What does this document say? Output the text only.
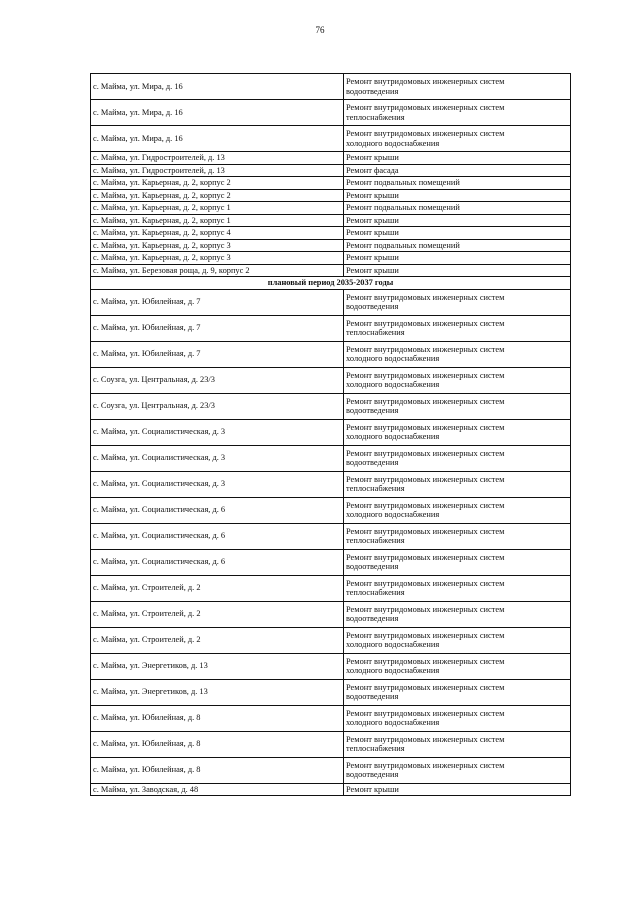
76
с. Майма, ул. Мира, д. 16	Ремонт внутридомовых инженерных систем
водоотведения

с. Майма, ул. Мира, д. 16	Ремонт внутридомовых инженерных систем
теплоснабжения

с. Майма, ул. Мира, д. 16	Ремонт внутридомовых инженерных систем
холодного водоснабжения

с. Майма, ул. Гидростроителей, д. 13	Ремонт крыши

с. Майма, ул. Гидростроителей, д. 13	Ремонт фасада

с. Майма, ул. Карьерная, д. 2, корпус 2	Ремонт подвальных помещений

с. Майма, ул. Карьерная, д. 2, корпус 2	Ремонт крыши

с. Майма, ул. Карьерная, д. 2, корпус 1	Ремонт подвальных помещений

с. Майма, ул. Карьерная, д. 2, корпус 1	Ремонт крыши

с. Майма, ул. Карьерная, д. 2, корпус 4	Ремонт крыши

с. Майма, ул. Карьерная, д. 2, корпус 3	Ремонт подвальных помещений

с. Майма, ул. Карьерная, д. 2, корпус 3	Ремонт крыши

с. Майма, ул. Березовая роща, д. 9, корпус 2	Ремонт крыши

плановый период 2035-2037 годы	
с. Майма, ул. Юбилейная, д. 7	Ремонт внутридомовых инженерных систем
водоотведения

с. Майма, ул. Юбилейная, д. 7	Ремонт внутридомовых инженерных систем
теплоснабжения

с. Майма, ул. Юбилейная, д. 7	Ремонт внутридомовых инженерных систем
холодного водоснабжения

с. Соузга, ул. Центральная, д. 23/3	Ремонт внутридомовых инженерных систем
холодного водоснабжения

с. Соузга, ул. Центральная, д. 23/3	Ремонт внутридомовых инженерных систем
водоотведения

с. Майма, ул. Социалистическая, д. 3	Ремонт внутридомовых инженерных систем
холодного водоснабжения

с. Майма, ул. Социалистическая, д. 3	Ремонт внутридомовых инженерных систем
водоотведения

с. Майма, ул. Социалистическая, д. 3	Ремонт внутридомовых инженерных систем
теплоснабжения

с. Майма, ул. Социалистическая, д. 6	Ремонт внутридомовых инженерных систем
холодного водоснабжения

с. Майма, ул. Социалистическая, д. 6	Ремонт внутридомовых инженерных систем
теплоснабжения

с. Майма, ул. Социалистическая, д. 6	Ремонт внутридомовых инженерных систем
водоотведения

с. Майма, ул. Строителей, д. 2	Ремонт внутридомовых инженерных систем
теплоснабжения

с. Майма, ул. Строителей, д. 2	Ремонт внутридомовых инженерных систем
водоотведения

с. Майма, ул. Строителей, д. 2	Ремонт внутридомовых инженерных систем
холодного водоснабжения

с. Майма, ул. Энергетиков, д. 13	Ремонт внутридомовых инженерных систем
холодного водоснабжения

с. Майма, ул. Энергетиков, д. 13	Ремонт внутридомовых инженерных систем
водоотведения

с. Майма, ул. Юбилейная, д. 8	Ремонт внутридомовых инженерных систем
холодного водоснабжения

с. Майма, ул. Юбилейная, д. 8	Ремонт внутридомовых инженерных систем
теплоснабжения

с. Майма, ул. Юбилейная, д. 8	Ремонт внутридомовых инженерных систем
водоотведения

с. Майма, ул. Заводская, д. 48	Ремонт крыши
